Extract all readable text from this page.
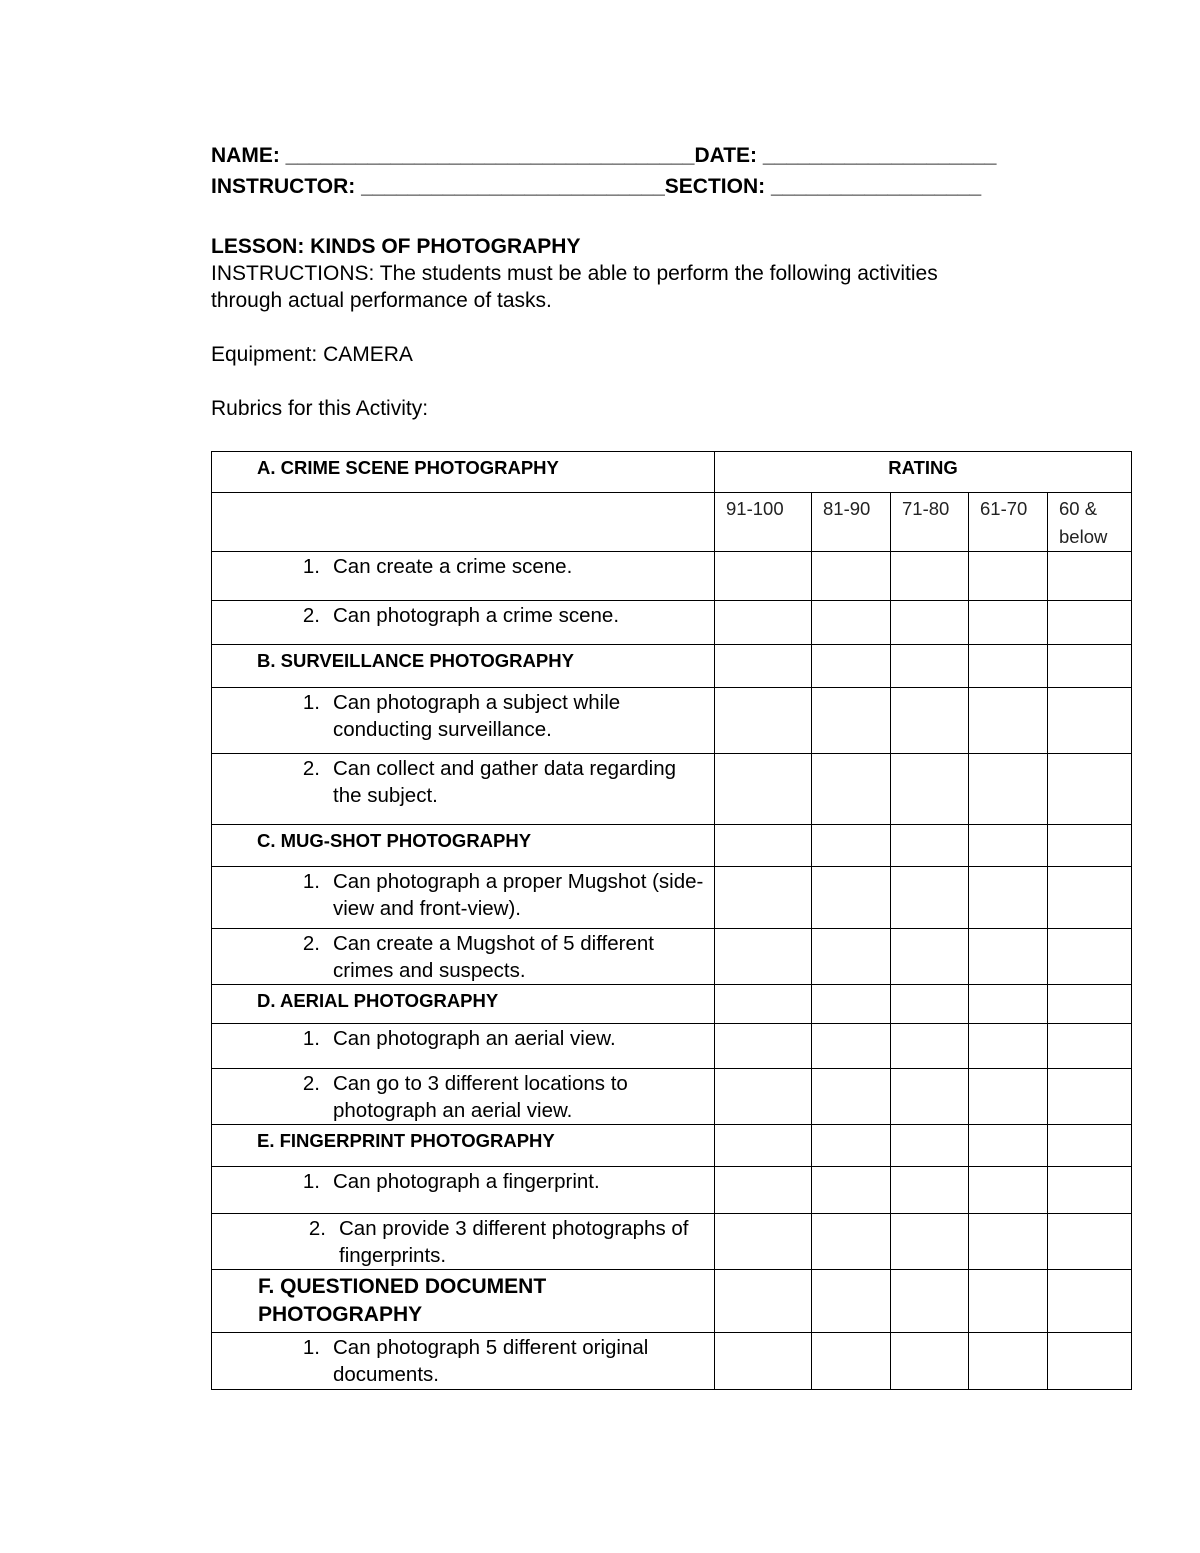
NAME: ___________________________________DATE: ____________________
INSTRUCTOR: __________________________SECTION: __________________
LESSON: KINDS OF PHOTOGRAPHY
INSTRUCTIONS: The students must be able to perform the following activities
through actual performance of tasks.
Equipment: CAMERA
Rubrics for this Activity:
A. CRIME SCENE PHOTOGRAPHY	RATING				
	91-100	81-90	71-80	61-70	60 & below

1. Can create a crime scene.					

2. Can photograph a crime scene.					

B. SURVEILLANCE PHOTOGRAPHY					

1. Can photograph a subject while conducting surveillance.					

2. Can collect and gather data regarding the subject.					

C. MUG-SHOT PHOTOGRAPHY					

1. Can photograph a proper Mugshot (side-view and front-view).					

2. Can create a Mugshot of 5 different crimes and suspects.					

D. AERIAL PHOTOGRAPHY					

1. Can photograph an aerial view.					

2. Can go to 3 different locations to photograph an aerial view.					

E. FINGERPRINT PHOTOGRAPHY					

1. Can photograph a fingerprint.					

2. Can provide 3 different photographs of fingerprints.					

F. QUESTIONED DOCUMENT PHOTOGRAPHY					

1. Can photograph 5 different original documents.					
